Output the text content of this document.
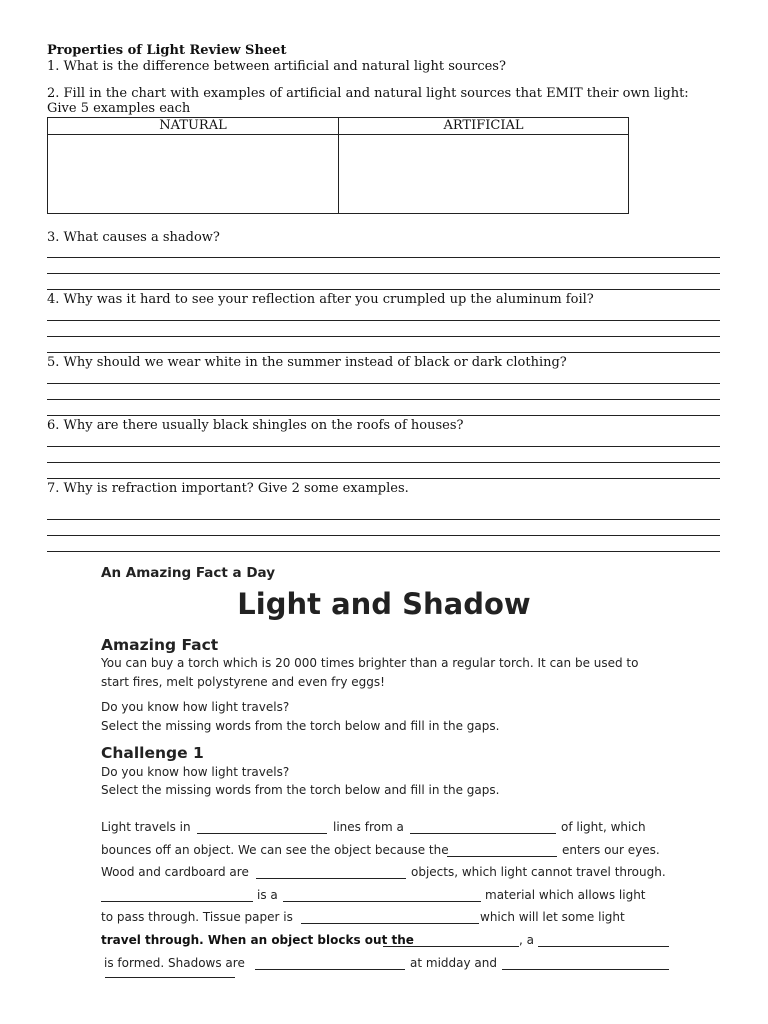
Properties of Light Review Sheet
1. What is the difference between artificial and natural light sources?
2. Fill in the chart with examples of artificial and natural light sources that EMIT their own light:
Give 5 examples each
NATURAL	ARTIFICIAL

3. What causes a shadow?
4. Why was it hard to see your reflection after you crumpled up the aluminum foil?
5. Why should we wear white in the summer instead of black or dark clothing?
6. Why are there usually black shingles on the roofs of houses?
7. Why is refraction important? Give 2 some examples.
An Amazing Fact a Day
Light and Shadow
Amazing Fact
You can buy a torch which is 20 000 times brighter than a regular torch. It can be used to
start fires, melt polystyrene and even fry eggs!
Do you know how light travels?
Select the missing words from the torch below and fill in the gaps.
Challenge 1
Do you know how light travels?
Select the missing words from the torch below and fill in the gaps.
Light travels in	lines from a	of light, which
bounces off an object. We can see the object because the	enters our eyes.
Wood and cardboard are	objects, which light cannot travel through.
is a	material which allows light
to pass through. Tissue paper is	which will let some light
travel through. When an object blocks out the	, a
is formed. Shadows are	at midday and
